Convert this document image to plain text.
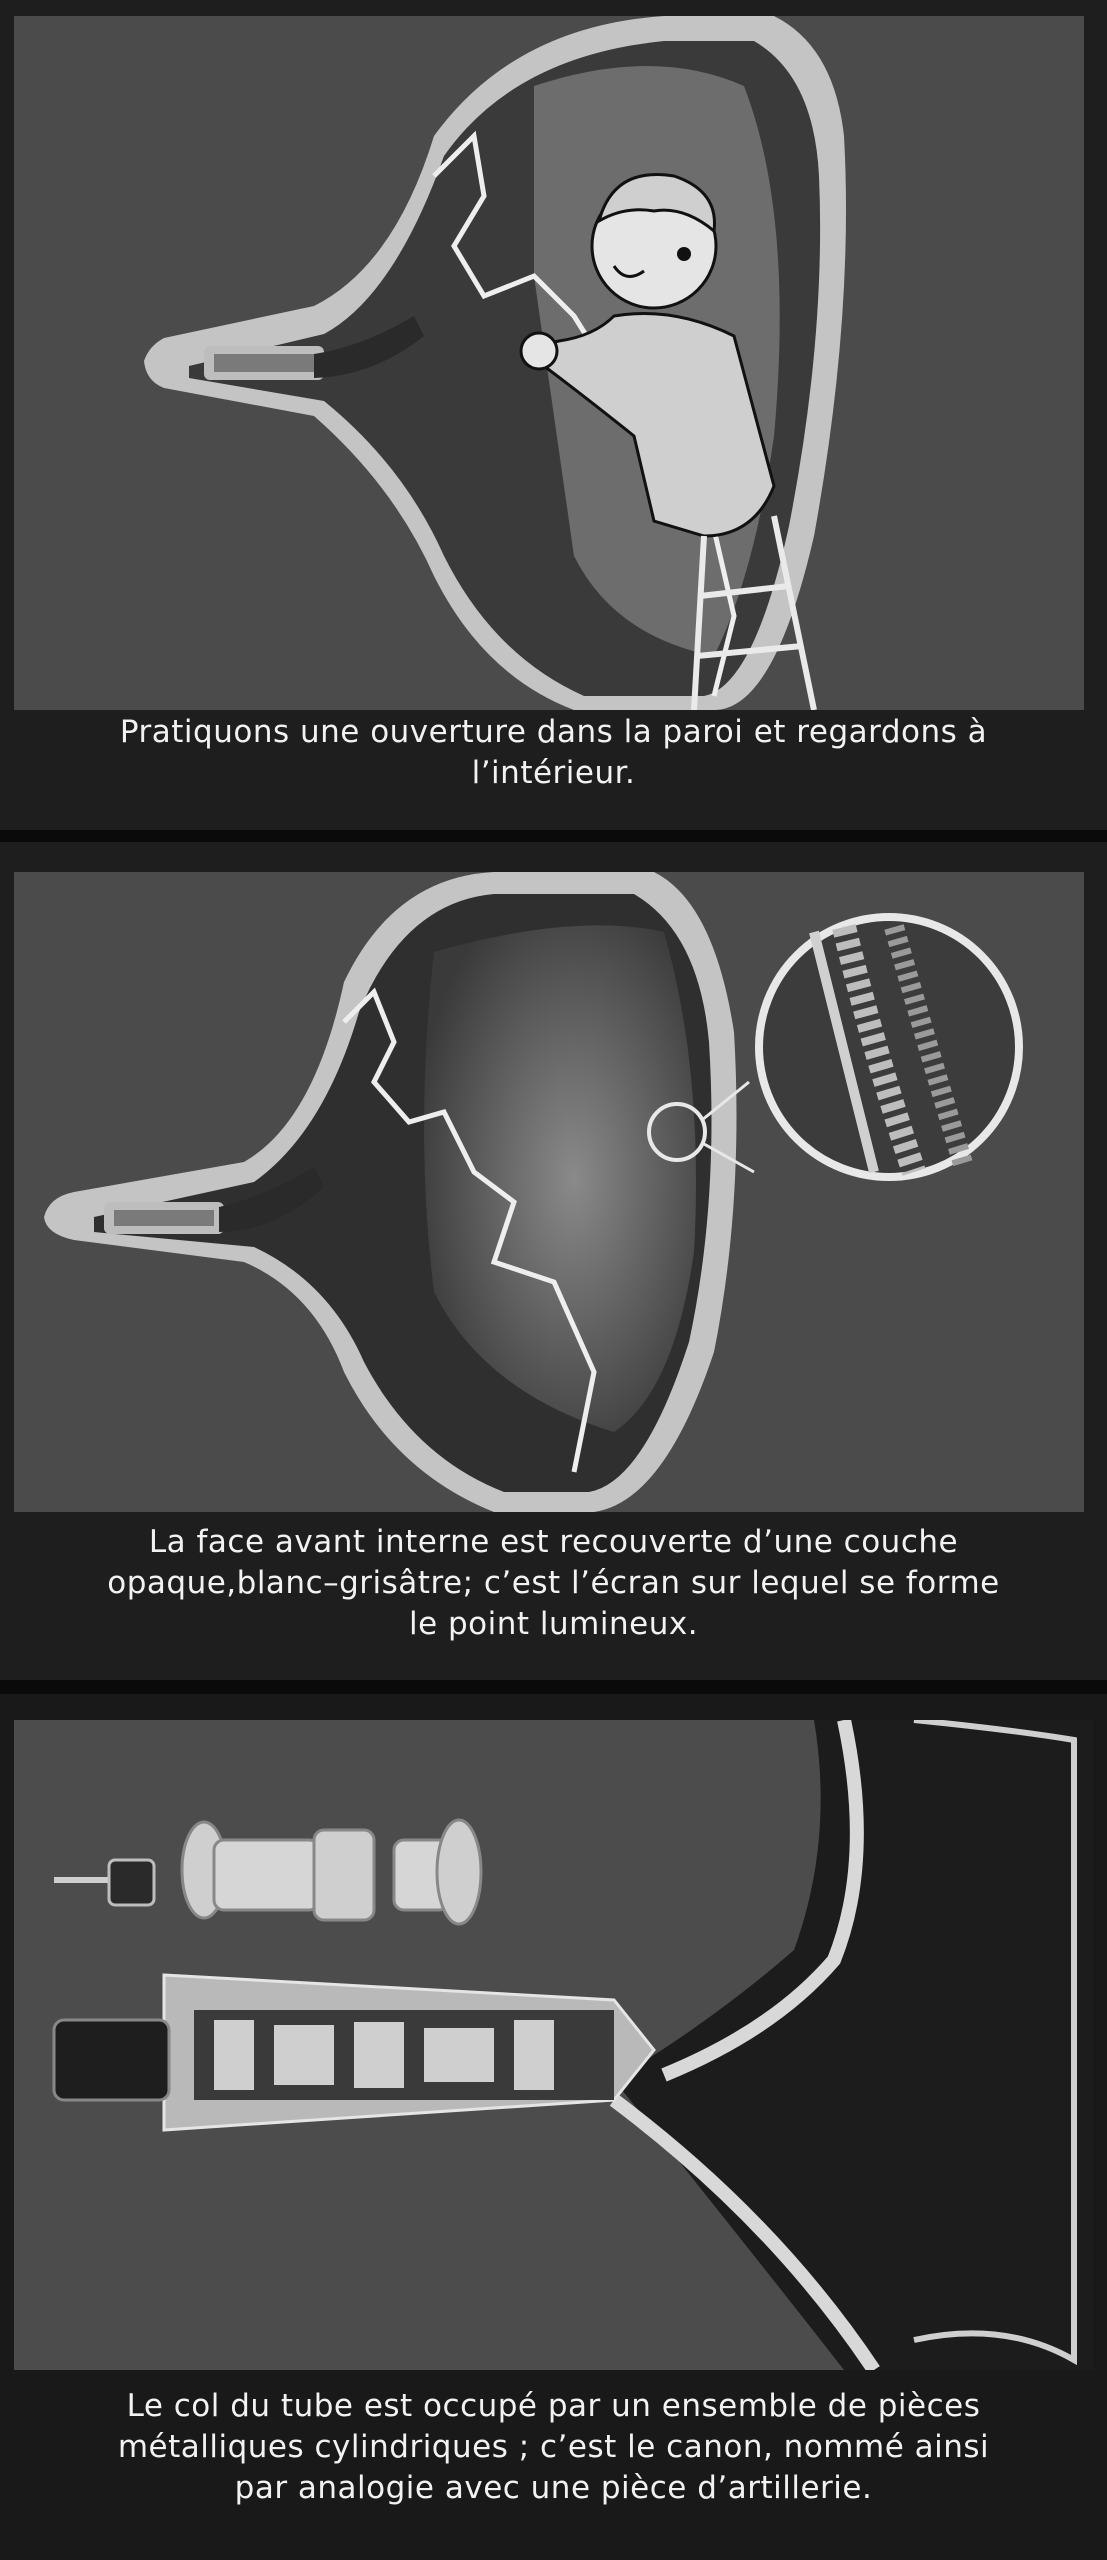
Pratiquons une ouverture dans la paroi et regardons à
l’intérieur.
La face avant interne est recouverte d’une couche
opaque,blanc–grisâtre; c’est l’écran sur lequel se forme
le point lumineux.
Le col du tube est occupé par un ensemble de pièces
métalliques cylindriques ; c’est le canon, nommé ainsi
par analogie avec une pièce d’artillerie.
